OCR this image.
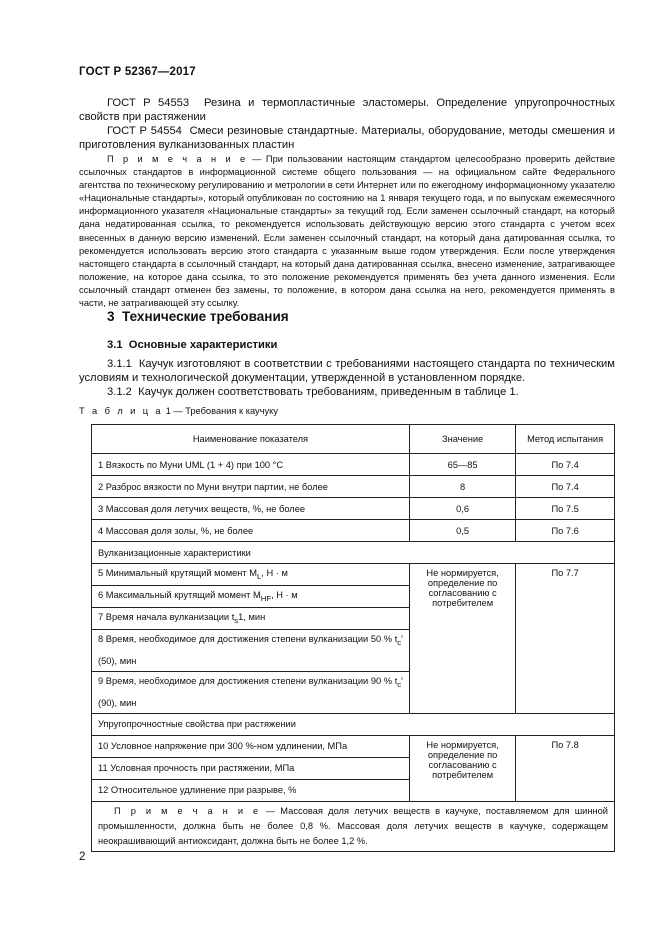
ГОСТ Р 52367—2017
ГОСТ Р 54553 Резина и термопластичные эластомеры. Определение упругопрочностных свойств при растяжении
ГОСТ Р 54554 Смеси резиновые стандартные. Материалы, оборудование, методы смешения и приготовления вулканизованных пластин
П р и м е ч а н и е — При пользовании настоящим стандартом целесообразно проверить действие ссылочных стандартов в информационной системе общего пользования — на официальном сайте Федерального агентства по техническому регулированию и метрологии в сети Интернет или по ежегодному информационному указателю «Национальные стандарты», который опубликован по состоянию на 1 января текущего года, и по выпускам ежемесячного информационного указателя «Национальные стандарты» за текущий год. Если заменен ссылочный стандарт, на который дана недатированная ссылка, то рекомендуется использовать действующую версию этого стандарта с учетом всех внесенных в данную версию изменений. Если заменен ссылочный стандарт, на который дана датированная ссылка, то рекомендуется использовать версию этого стандарта с указанным выше годом утверждения. Если после утверждения настоящего стандарта в ссылочный стандарт, на который дана датированная ссылка, внесено изменение, затрагивающее положение, на которое дана ссылка, то это положение рекомендуется применять без учета данного изменения. Если ссылочный стандарт отменен без замены, то положение, в котором дана ссылка на него, рекомендуется применять в части, не затрагивающей эту ссылку.
3 Технические требования
3.1 Основные характеристики
3.1.1 Каучук изготовляют в соответствии с требованиями настоящего стандарта по техническим условиям и технологической документации, утвержденной в установленном порядке.
3.1.2 Каучук должен соответствовать требованиям, приведенным в таблице 1.
Т а б л и ц а 1 — Требования к каучуку
Наименование показателя	Значение	Метод испытания
1 Вязкость по Муни UML (1 + 4) при 100 °С	65—85	По 7.4
2 Разброс вязкости по Муни внутри партии, не более	8	По 7.4
3 Массовая доля летучих веществ, %, не более	0,6	По 7.5
4 Массовая доля золы, %, не более	0,5	По 7.6
Вулканизационные характеристики		
5 Минимальный крутящий момент $M_L$, Н · м	Не нормируется, определение по согласованию с потребителем	По 7.7
6 Максимальный крутящий момент $M_{HF}$, Н · м		
7 Время начала вулканизации $t_s1$, мин		
8 Время, необходимое для достижения степени вулканизации 50 % $t_c'$ (50), мин		
9 Время, необходимое для достижения степени вулканизации 90 % $t_c'$ (90), мин		
Упругопрочностные свойства при растяжении		
10 Условное напряжение при 300 %-ном удлинении, МПа	Не нормируется, определение по согласованию с потребителем	По 7.8
11 Условная прочность при растяжении, МПа		
12 Относительное удлинение при разрыве, %		
П р и м е ч а н и е — Массовая доля летучих веществ в каучуке, поставляемом для шинной промышленности, должна быть не более 0,8 %. Массовая доля летучих веществ в каучуке, содержащем неокрашивающий антиоксидант, должна быть не более 1,2 %.		
2
